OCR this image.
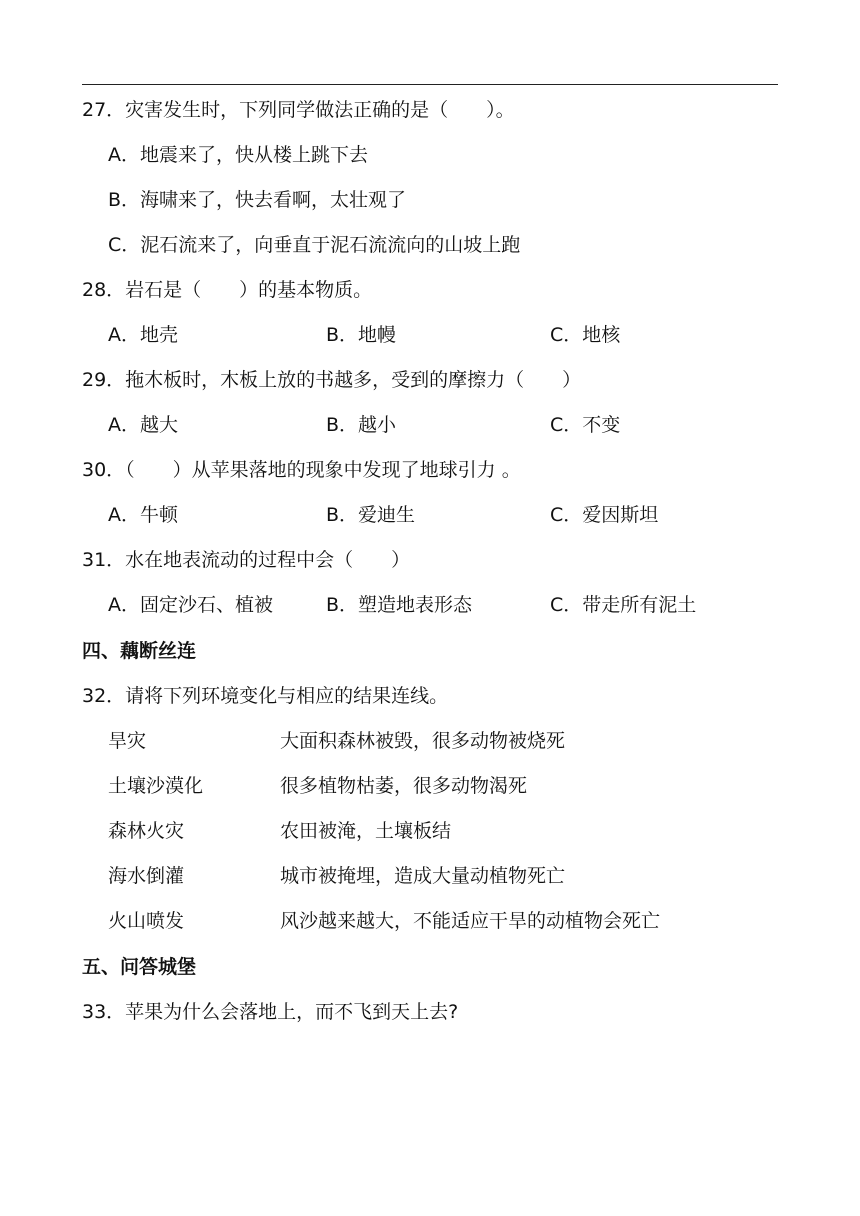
27．灾害发生时，下列同学做法正确的是（　　）。
A．地震来了，快从楼上跳下去
B．海啸来了，快去看啊，太壮观了
C．泥石流来了，向垂直于泥石流流向的山坡上跑
28．岩石是（　　）的基本物质。
A．地壳	B．地幔	C．地核
29．拖木板时，木板上放的书越多，受到的摩擦力（　　）
A．越大	B．越小	C．不变
30．（　　）从苹果落地的现象中发现了地球引力 。
A．牛顿	B．爱迪生	C．爱因斯坦
31．水在地表流动的过程中会（　　）
A．固定沙石、植被	B．塑造地表形态	C．带走所有泥土
四、藕断丝连
32．请将下列环境变化与相应的结果连线。
旱灾	大面积森林被毁，很多动物被烧死
土壤沙漠化	很多植物枯萎，很多动物渴死
森林火灾	农田被淹，土壤板结
海水倒灌	城市被掩埋，造成大量动植物死亡
火山喷发	风沙越来越大，不能适应干旱的动植物会死亡
五、问答城堡
33．苹果为什么会落地上，而不飞到天上去?
